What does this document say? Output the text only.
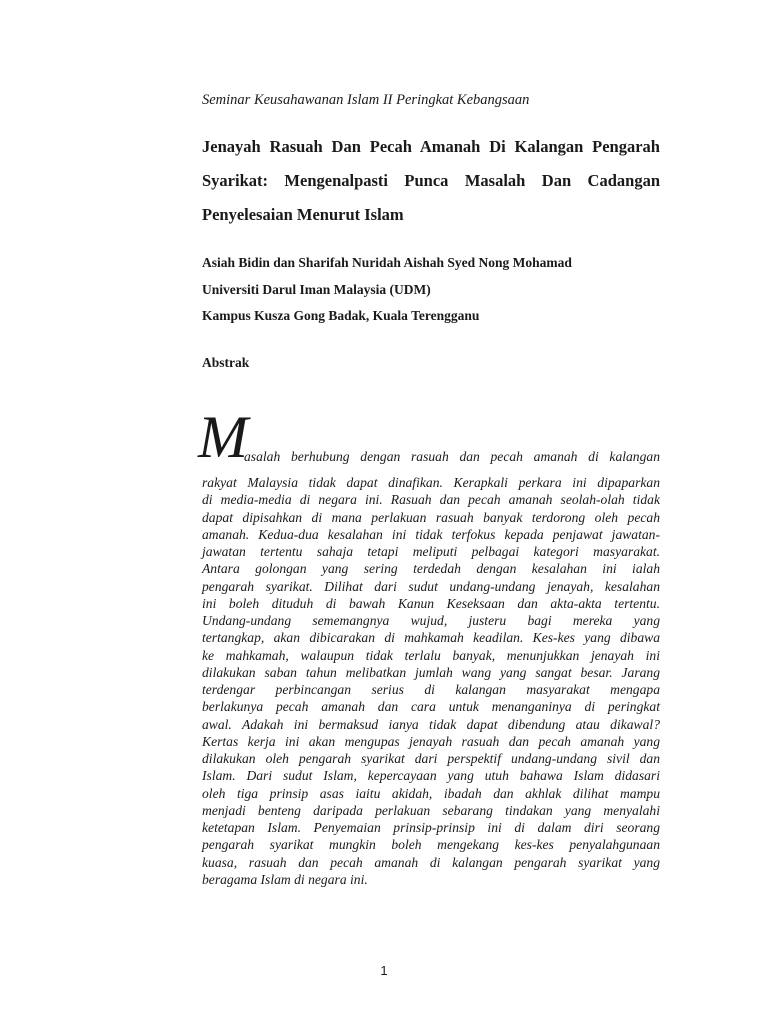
Seminar Keusahawanan Islam II Peringkat Kebangsaan
Jenayah Rasuah Dan Pecah Amanah Di Kalangan Pengarah
Syarikat: Mengenalpasti Punca Masalah Dan Cadangan
Penyelesaian Menurut Islam
Asiah Bidin dan Sharifah Nuridah Aishah Syed Nong Mohamad
Universiti Darul Iman Malaysia (UDM)
Kampus Kusza Gong Badak, Kuala Terengganu
Abstrak
M
asalah berhubung dengan rasuah dan pecah amanah di kalangan
rakyat Malaysia tidak dapat dinafikan. Kerapkali perkara ini dipaparkan
di media-media di negara ini. Rasuah dan pecah amanah seolah-olah tidak
dapat dipisahkan di mana perlakuan rasuah banyak terdorong oleh pecah
amanah. Kedua-dua kesalahan ini tidak terfokus kepada penjawat jawatan-
jawatan tertentu sahaja tetapi meliputi pelbagai kategori masyarakat.
Antara golongan yang sering terdedah dengan kesalahan ini ialah
pengarah syarikat. Dilihat dari sudut undang-undang jenayah, kesalahan
ini boleh dituduh di bawah Kanun Keseksaan dan akta-akta tertentu.
Undang-undang sememangnya wujud, justeru bagi mereka yang
tertangkap, akan dibicarakan di mahkamah keadilan. Kes-kes yang dibawa
ke mahkamah, walaupun tidak terlalu banyak, menunjukkan jenayah ini
dilakukan saban tahun melibatkan jumlah wang yang sangat besar. Jarang
terdengar perbincangan serius di kalangan masyarakat mengapa
berlakunya pecah amanah dan cara untuk menanganinya di peringkat
awal. Adakah ini bermaksud ianya tidak dapat dibendung atau dikawal?
Kertas kerja ini akan mengupas jenayah rasuah dan pecah amanah yang
dilakukan oleh pengarah syarikat dari perspektif undang-undang sivil dan
Islam. Dari sudut Islam, kepercayaan yang utuh bahawa Islam didasari
oleh tiga prinsip asas iaitu akidah, ibadah dan akhlak dilihat mampu
menjadi benteng daripada perlakuan sebarang tindakan yang menyalahi
ketetapan Islam. Penyemaian prinsip-prinsip ini di dalam diri seorang
pengarah syarikat mungkin boleh mengekang kes-kes penyalahgunaan
kuasa, rasuah dan pecah amanah di kalangan pengarah syarikat yang
beragama Islam di negara ini.
1
